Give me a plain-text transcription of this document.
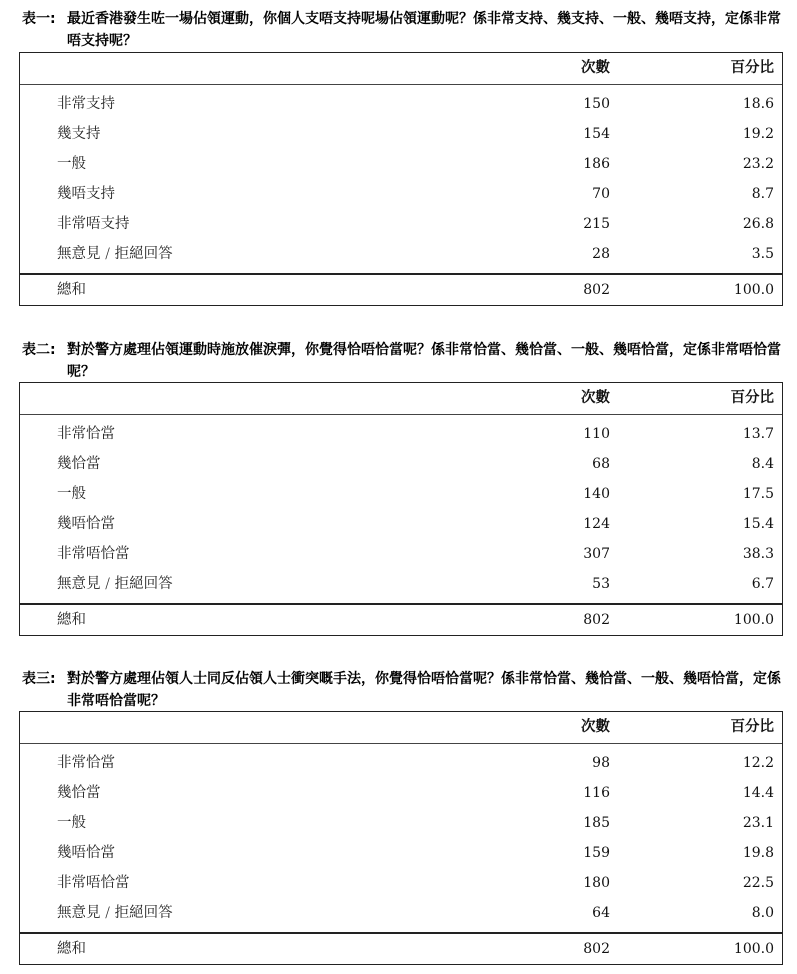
表一: 最近香港發生咗一場佔領運動，你個人支唔支持呢場佔領運動呢？係非常支持、幾支持、一般、幾唔支持，定係非常唔支持呢？
次數	百分比
非常支持	150	18.6
幾支持	154	19.2
一般	186	23.2
幾唔支持	70	8.7
非常唔支持	215	26.8
無意見 / 拒絕回答	28	3.5
總和	802	100.0
表二: 對於警方處理佔領運動時施放催淚彈，你覺得恰唔恰當呢？係非常恰當、幾恰當、一般、幾唔恰當，定係非常唔恰當呢？
次數	百分比
非常恰當	110	13.7
幾恰當	68	8.4
一般	140	17.5
幾唔恰當	124	15.4
非常唔恰當	307	38.3
無意見 / 拒絕回答	53	6.7
總和	802	100.0
表三: 對於警方處理佔領人士同反佔領人士衝突嘅手法，你覺得恰唔恰當呢？係非常恰當、幾恰當、一般、幾唔恰當，定係非常唔恰當呢？
次數	百分比
非常恰當	98	12.2
幾恰當	116	14.4
一般	185	23.1
幾唔恰當	159	19.8
非常唔恰當	180	22.5
無意見 / 拒絕回答	64	8.0
總和	802	100.0
